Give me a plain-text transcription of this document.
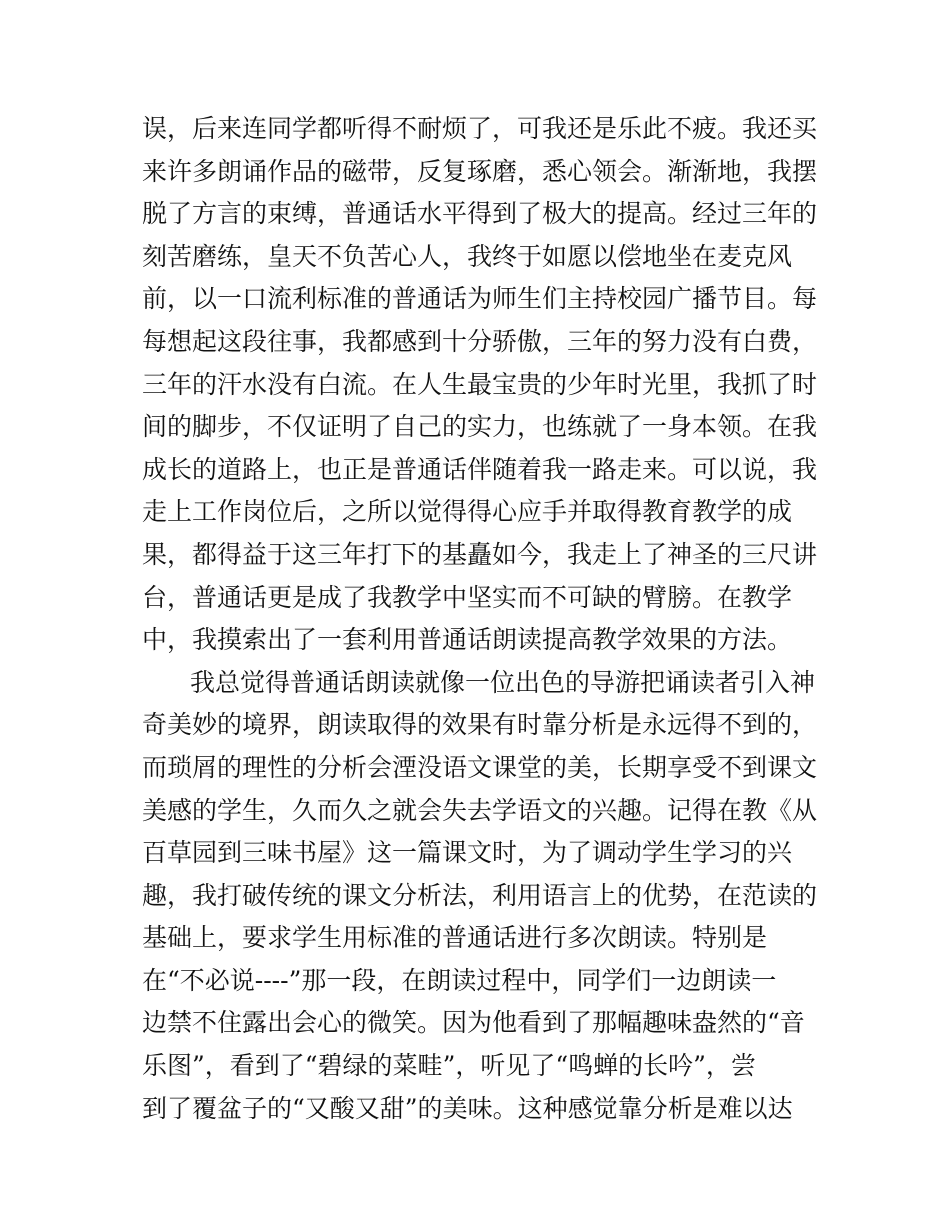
误，后来连同学都听得不耐烦了，可我还是乐此不疲。我还买
来许多朗诵作品的磁带，反复琢磨，悉心领会。渐渐地，我摆
脱了方言的束缚，普通话水平得到了极大的提高。经过三年的
刻苦磨练，皇天不负苦心人，我终于如愿以偿地坐在麦克风
前，以一口流利标准的普通话为师生们主持校园广播节目。每
每想起这段往事，我都感到十分骄傲，三年的努力没有白费，
三年的汗水没有白流。在人生最宝贵的少年时光里，我抓了时
间的脚步，不仅证明了自己的实力，也练就了一身本领。在我
成长的道路上，也正是普通话伴随着我一路走来。可以说，我
走上工作岗位后，之所以觉得得心应手并取得教育教学的成
果，都得益于这三年打下的基矗如今，我走上了神圣的三尺讲
台，普通话更是成了我教学中坚实而不可缺的臂膀。在教学
中，我摸索出了一套利用普通话朗读提高教学效果的方法。
我总觉得普通话朗读就像一位出色的导游把诵读者引入神
奇美妙的境界，朗读取得的效果有时靠分析是永远得不到的，
而琐屑的理性的分析会湮没语文课堂的美，长期享受不到课文
美感的学生，久而久之就会失去学语文的兴趣。记得在教《从
百草园到三味书屋》这一篇课文时，为了调动学生学习的兴
趣，我打破传统的课文分析法，利用语言上的优势，在范读的
基础上，要求学生用标准的普通话进行多次朗读。特别是
在“不必说----”那一段，在朗读过程中，同学们一边朗读一
边禁不住露出会心的微笑。因为他看到了那幅趣味盎然的“音
乐图”，看到了“碧绿的菜畦”，听见了“鸣蝉的长吟”，尝
到了覆盆子的“又酸又甜”的美味。这种感觉靠分析是难以达
